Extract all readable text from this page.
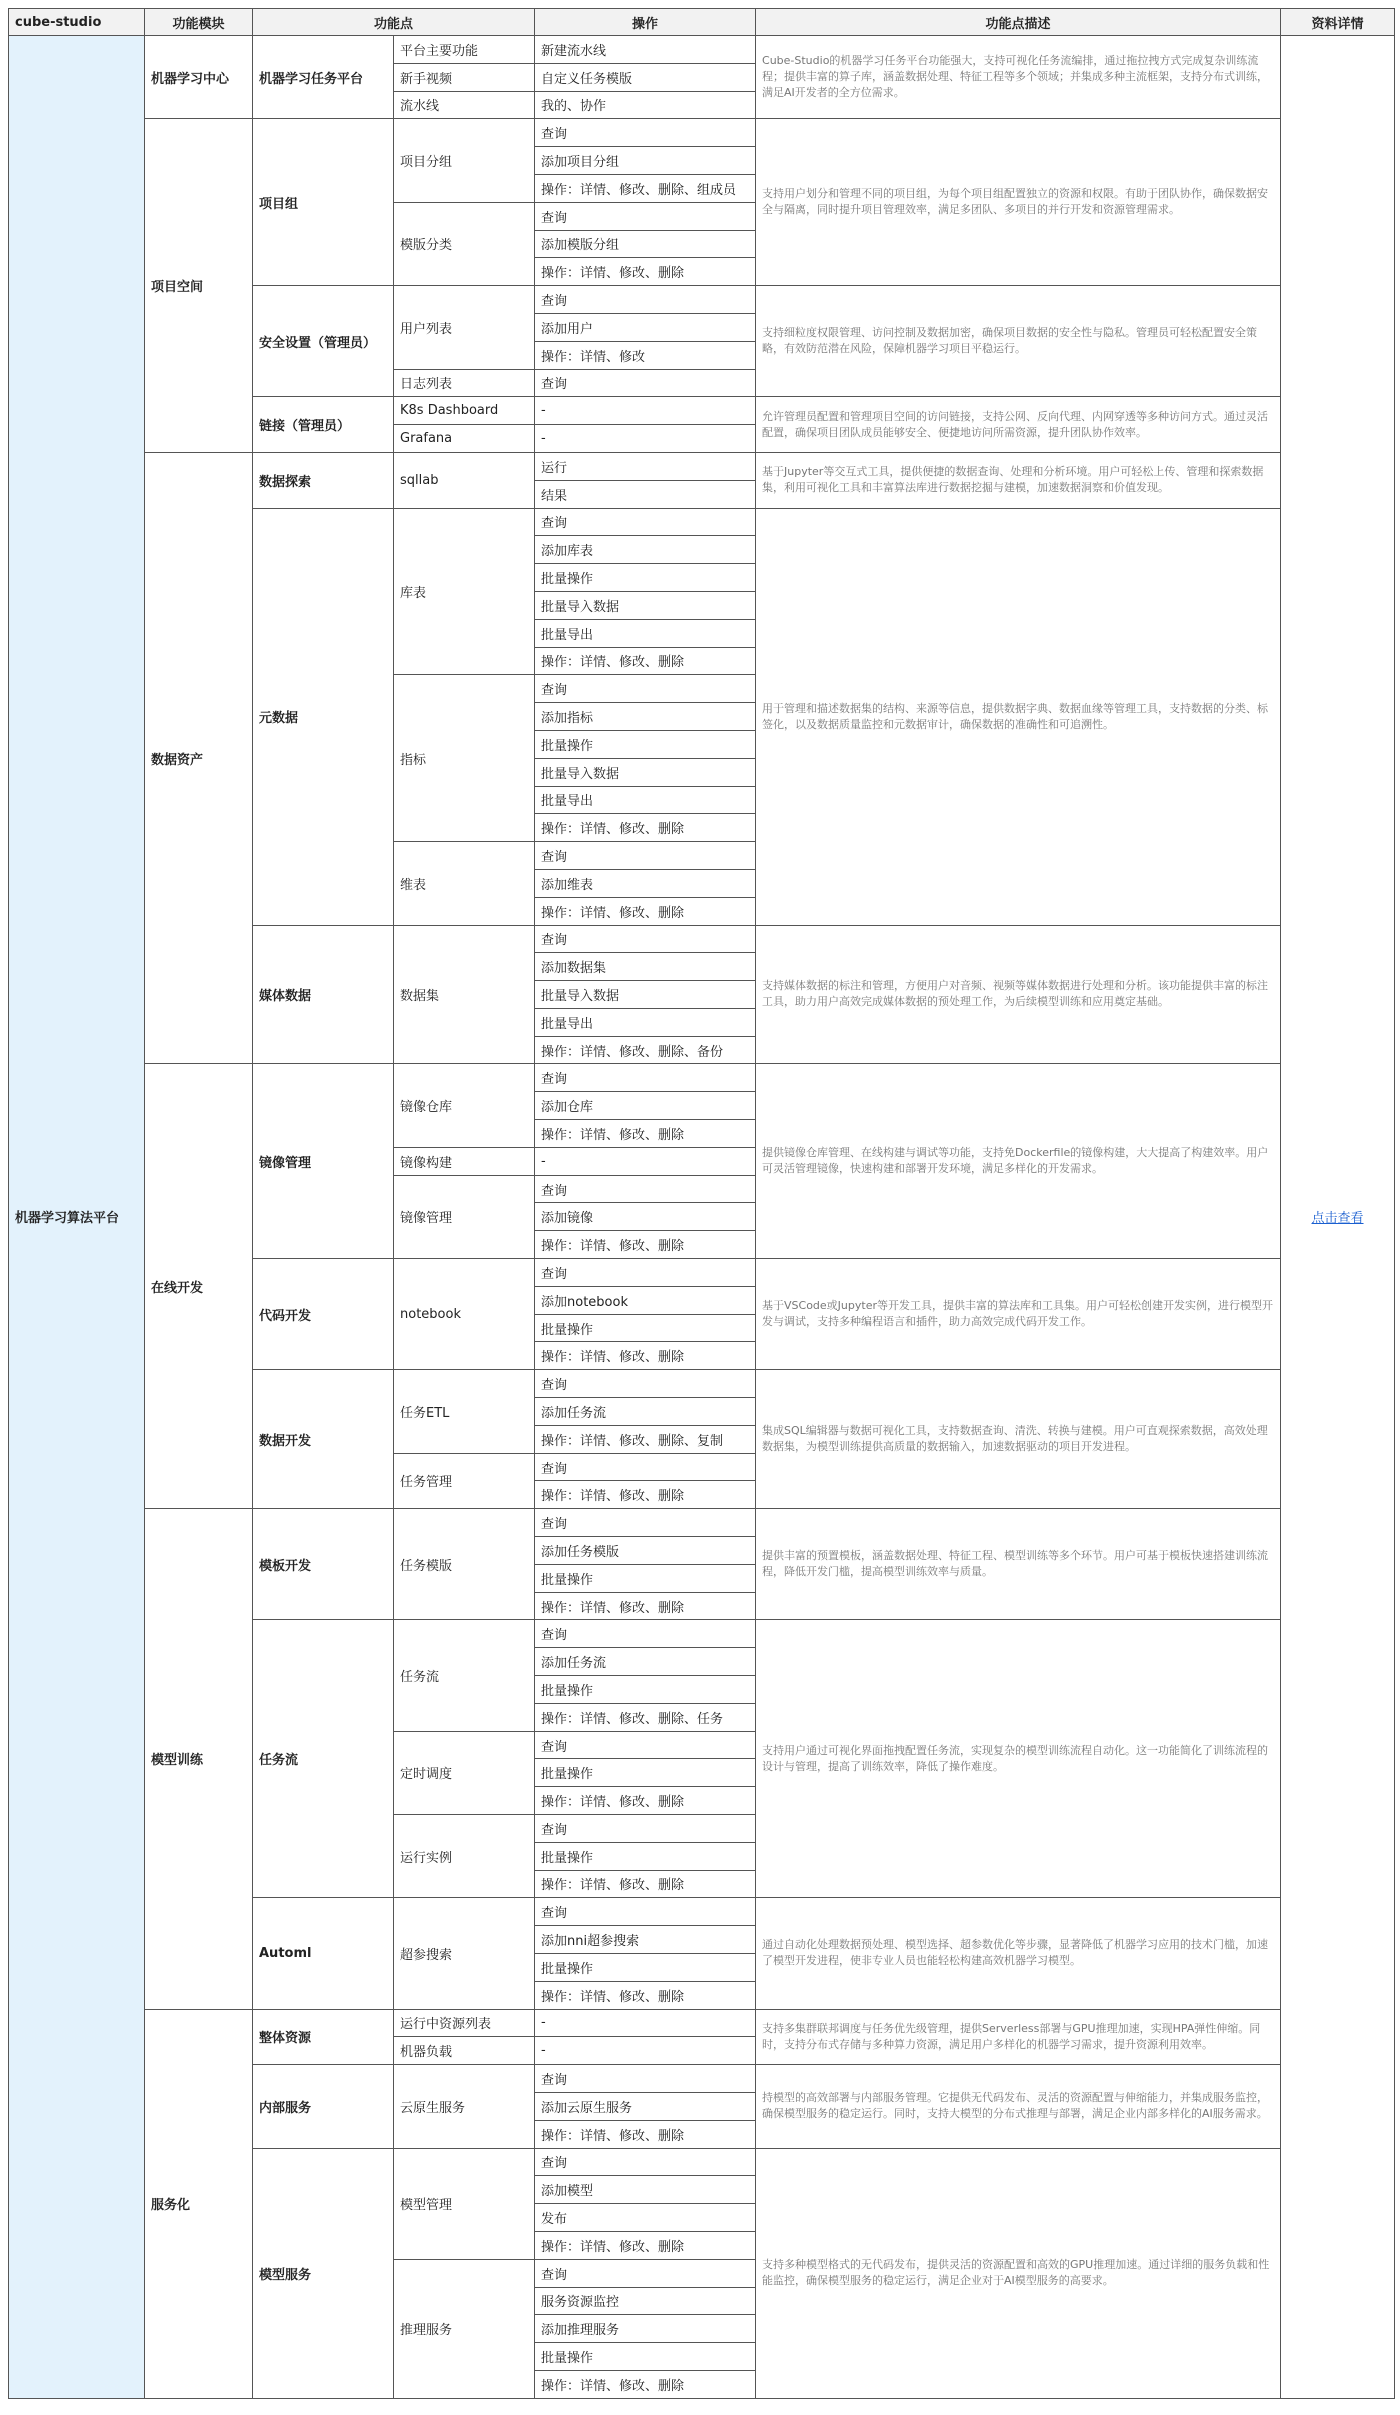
cube-studio	功能模块	功能点		操作	功能点描述	资料详情
机器学习算法平台	机器学习中心	机器学习任务平台	平台主要功能	新建流水线	Cube-Studio的机器学习任务平台功能强大，支持可视化任务流编排，通过拖拉拽方式完成复杂训练流程；提供丰富的算子库，涵盖数据处理、特征工程等多个领域；并集成多种主流框架，支持分布式训练，满足AI开发者的全方位需求。	点击查看
			新手视频	自定义任务模版		
			流水线	我的、协作		
	项目空间	项目组	项目分组	查询	支持用户划分和管理不同的项目组，为每个项目组配置独立的资源和权限。有助于团队协作，确保数据安全与隔离，同时提升项目管理效率，满足多团队、多项目的并行开发和资源管理需求。	
				添加项目分组		
				操作：详情、修改、删除、组成员		
			模版分类	查询		
				添加模版分组		
				操作：详情、修改、删除		
		安全设置（管理员）	用户列表	查询	支持细粒度权限管理、访问控制及数据加密，确保项目数据的安全性与隐私。管理员可轻松配置安全策略，有效防范潜在风险，保障机器学习项目平稳运行。	
				添加用户		
				操作：详情、修改		
			日志列表	查询		
		链接（管理员）	K8s Dashboard	-	允许管理员配置和管理项目空间的访问链接，支持公网、反向代理、内网穿透等多种访问方式。通过灵活配置，确保项目团队成员能够安全、便捷地访问所需资源，提升团队协作效率。	
			Grafana	-		
	数据资产	数据探索	sqllab	运行	基于Jupyter等交互式工具，提供便捷的数据查询、处理和分析环境。用户可轻松上传、管理和探索数据集，利用可视化工具和丰富算法库进行数据挖掘与建模，加速数据洞察和价值发现。	
				结果		
		元数据	库表	查询	用于管理和描述数据集的结构、来源等信息，提供数据字典、数据血缘等管理工具，支持数据的分类、标签化，以及数据质量监控和元数据审计，确保数据的准确性和可追溯性。	
				添加库表		
				批量操作		
				批量导入数据		
				批量导出		
				操作：详情、修改、删除		
			指标	查询		
				添加指标		
				批量操作		
				批量导入数据		
				批量导出		
				操作：详情、修改、删除		
			维表	查询		
				添加维表		
				操作：详情、修改、删除		
		媒体数据	数据集	查询	支持媒体数据的标注和管理，方便用户对音频、视频等媒体数据进行处理和分析。该功能提供丰富的标注工具，助力用户高效完成媒体数据的预处理工作，为后续模型训练和应用奠定基础。	
				添加数据集		
				批量导入数据		
				批量导出		
				操作：详情、修改、删除、备份		
	在线开发	镜像管理	镜像仓库	查询	提供镜像仓库管理、在线构建与调试等功能，支持免Dockerfile的镜像构建，大大提高了构建效率。用户可灵活管理镜像，快速构建和部署开发环境，满足多样化的开发需求。	
				添加仓库		
				操作：详情、修改、删除		
			镜像构建	-		
			镜像管理	查询		
				添加镜像		
				操作：详情、修改、删除		
		代码开发	notebook	查询	基于VSCode或Jupyter等开发工具，提供丰富的算法库和工具集。用户可轻松创建开发实例，进行模型开发与调试，支持多种编程语言和插件，助力高效完成代码开发工作。	
				添加notebook		
				批量操作		
				操作：详情、修改、删除		
		数据开发	任务ETL	查询	集成SQL编辑器与数据可视化工具，支持数据查询、清洗、转换与建模。用户可直观探索数据，高效处理数据集，为模型训练提供高质量的数据输入，加速数据驱动的项目开发进程。	
				添加任务流		
				操作：详情、修改、删除、复制		
			任务管理	查询		
				操作：详情、修改、删除		
	模型训练	模板开发	任务模版	查询	提供丰富的预置模板，涵盖数据处理、特征工程、模型训练等多个环节。用户可基于模板快速搭建训练流程，降低开发门槛，提高模型训练效率与质量。	
				添加任务模版		
				批量操作		
				操作：详情、修改、删除		
		任务流	任务流	查询	支持用户通过可视化界面拖拽配置任务流，实现复杂的模型训练流程自动化。这一功能简化了训练流程的设计与管理，提高了训练效率，降低了操作难度。	
				添加任务流		
				批量操作		
				操作：详情、修改、删除、任务		
			定时调度	查询		
				批量操作		
				操作：详情、修改、删除		
			运行实例	查询		
				批量操作		
				操作：详情、修改、删除		
		Automl	超参搜索	查询	通过自动化处理数据预处理、模型选择、超参数优化等步骤，显著降低了机器学习应用的技术门槛，加速了模型开发进程，使非专业人员也能轻松构建高效机器学习模型。	
				添加nni超参搜索		
				批量操作		
				操作：详情、修改、删除		
	服务化	整体资源	运行中资源列表	-	支持多集群联邦调度与任务优先级管理，提供Serverless部署与GPU推理加速，实现HPA弹性伸缩。同时，支持分布式存储与多种算力资源，满足用户多样化的机器学习需求，提升资源利用效率。	
			机器负载	-		
		内部服务	云原生服务	查询	持模型的高效部署与内部服务管理。它提供无代码发布、灵活的资源配置与伸缩能力，并集成服务监控，确保模型服务的稳定运行。同时，支持大模型的分布式推理与部署，满足企业内部多样化的AI服务需求。	
				添加云原生服务		
				操作：详情、修改、删除		
		模型服务	模型管理	查询	支持多种模型格式的无代码发布，提供灵活的资源配置和高效的GPU推理加速。通过详细的服务负载和性能监控，确保模型服务的稳定运行，满足企业对于AI模型服务的高要求。	
				添加模型		
				发布		
				操作：详情、修改、删除		
			推理服务	查询		
				服务资源监控		
				添加推理服务		
				批量操作		
				操作：详情、修改、删除		
